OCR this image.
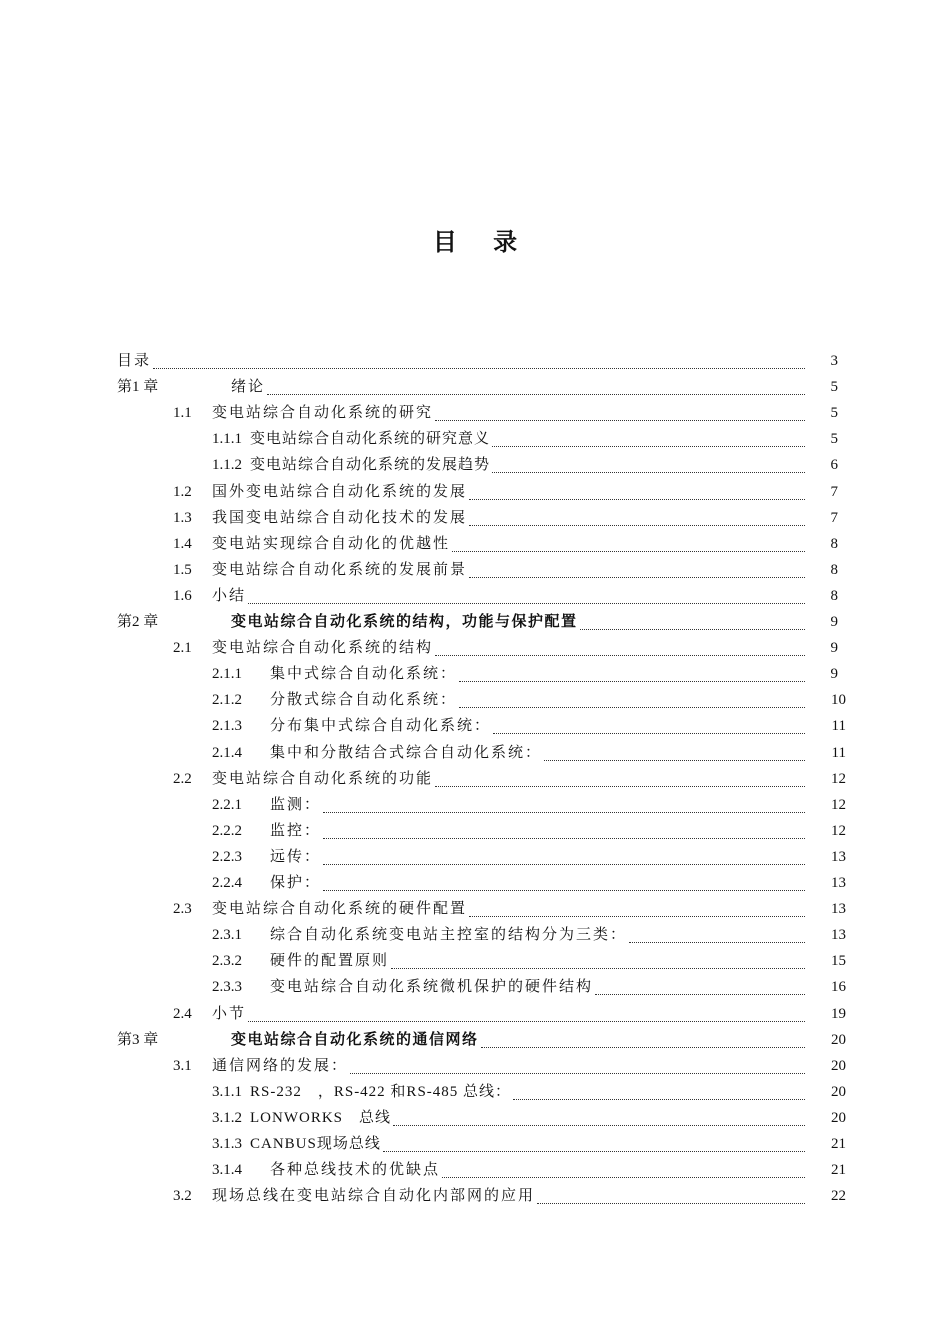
目 录
目录	3
第1 章	绪论	5
1.1 变电站综合自动化系统的研究	5
1.1.1 变电站综合自动化系统的研究意义	5
1.1.2 变电站综合自动化系统的发展趋势	6
1.2 国外变电站综合自动化系统的发展	7
1.3 我国变电站综合自动化技术的发展	7
1.4 变电站实现综合自动化的优越性	8
1.5 变电站综合自动化系统的发展前景	8
1.6 小结	8
第2 章	变电站综合自动化系统的结构，功能与保护配置	9
2.1 变电站综合自动化系统的结构	9
2.1.1 集中式综合自动化系统：	9
2.1.2 分散式综合自动化系统：	10
2.1.3 分布集中式综合自动化系统：	11
2.1.4 集中和分散结合式综合自动化系统：	11
2.2 变电站综合自动化系统的功能	12
2.2.1 监测：	12
2.2.2 监控：	12
2.2.3 远传：	13
2.2.4 保护：	13
2.3 变电站综合自动化系统的硬件配置	13
2.3.1 综合自动化系统变电站主控室的结构分为三类：	13
2.3.2 硬件的配置原则	15
2.3.3 变电站综合自动化系统微机保护的硬件结构	16
2.4 小节	19
第3 章	变电站综合自动化系统的通信网络	20
3.1 通信网络的发展：	20
3.1.1 RS-232　，RS-422 和RS-485 总线：	20
3.1.2 LONWORKS　总线	20
3.1.3 CANBUS现场总线	21
3.1.4 各种总线技术的优缺点	21
3.2 现场总线在变电站综合自动化内部网的应用	22
